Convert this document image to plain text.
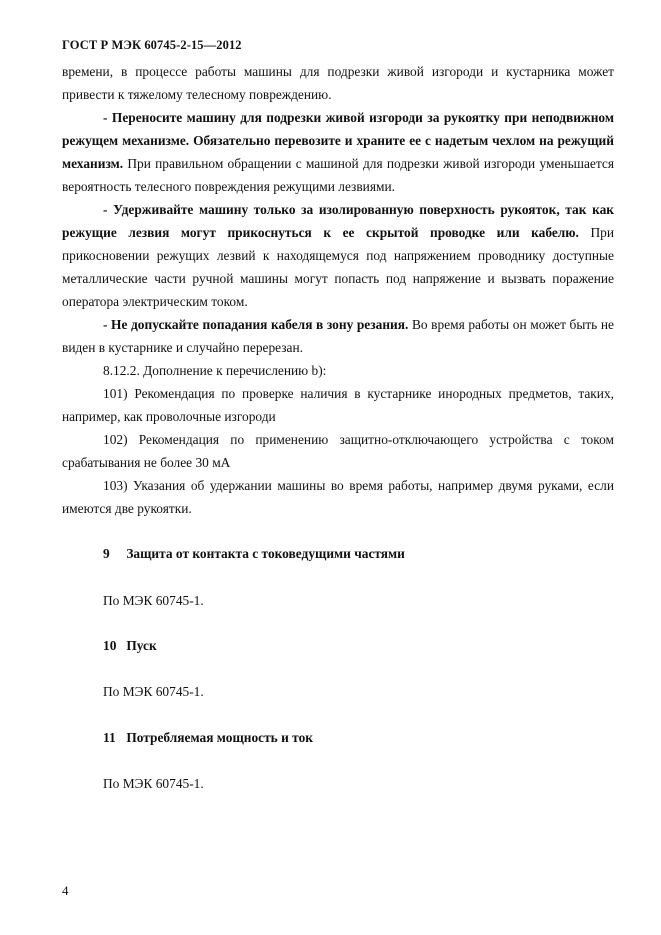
ГОСТ Р МЭК 60745-2-15—2012

времени, в процессе работы машины для подрезки живой изгороди и кустарника может привести к тяжелому телесному повреждению.

- Переносите машину для подрезки живой изгороди за рукоятку при неподвижном режущем механизме. Обязательно перевозите и храните ее с надетым чехлом на режущий механизм. При правильном обращении с машиной для подрезки живой изгороди уменьшается вероятность телесного повреждения режущими лезвиями.

- Удерживайте машину только за изолированную поверхность рукояток, так как режущие лезвия могут прикоснуться к ее скрытой проводке или кабелю. При прикосновении режущих лезвий к находящемуся под напряжением проводнику доступные металлические части ручной машины могут попасть под напряжение и вызвать поражение оператора электрическим током.

- Не допускайте попадания кабеля в зону резания. Во время работы он может быть не виден в кустарнике и случайно перерезан.

8.12.2. Дополнение к перечислению b):

101) Рекомендация по проверке наличия в кустарнике инородных предметов, таких, например, как проволочные изгороди

102) Рекомендация по применению защитно-отключающего устройства с током срабатывания не более 30 мА

103) Указания об удержании машины во время работы, например двумя руками, если имеются две рукоятки.

9 Защита от контакта с токоведущими частями
По МЭК 60745-1.
10 Пуск
По МЭК 60745-1.
11 Потребляемая мощность и ток
По МЭК 60745-1.
4
